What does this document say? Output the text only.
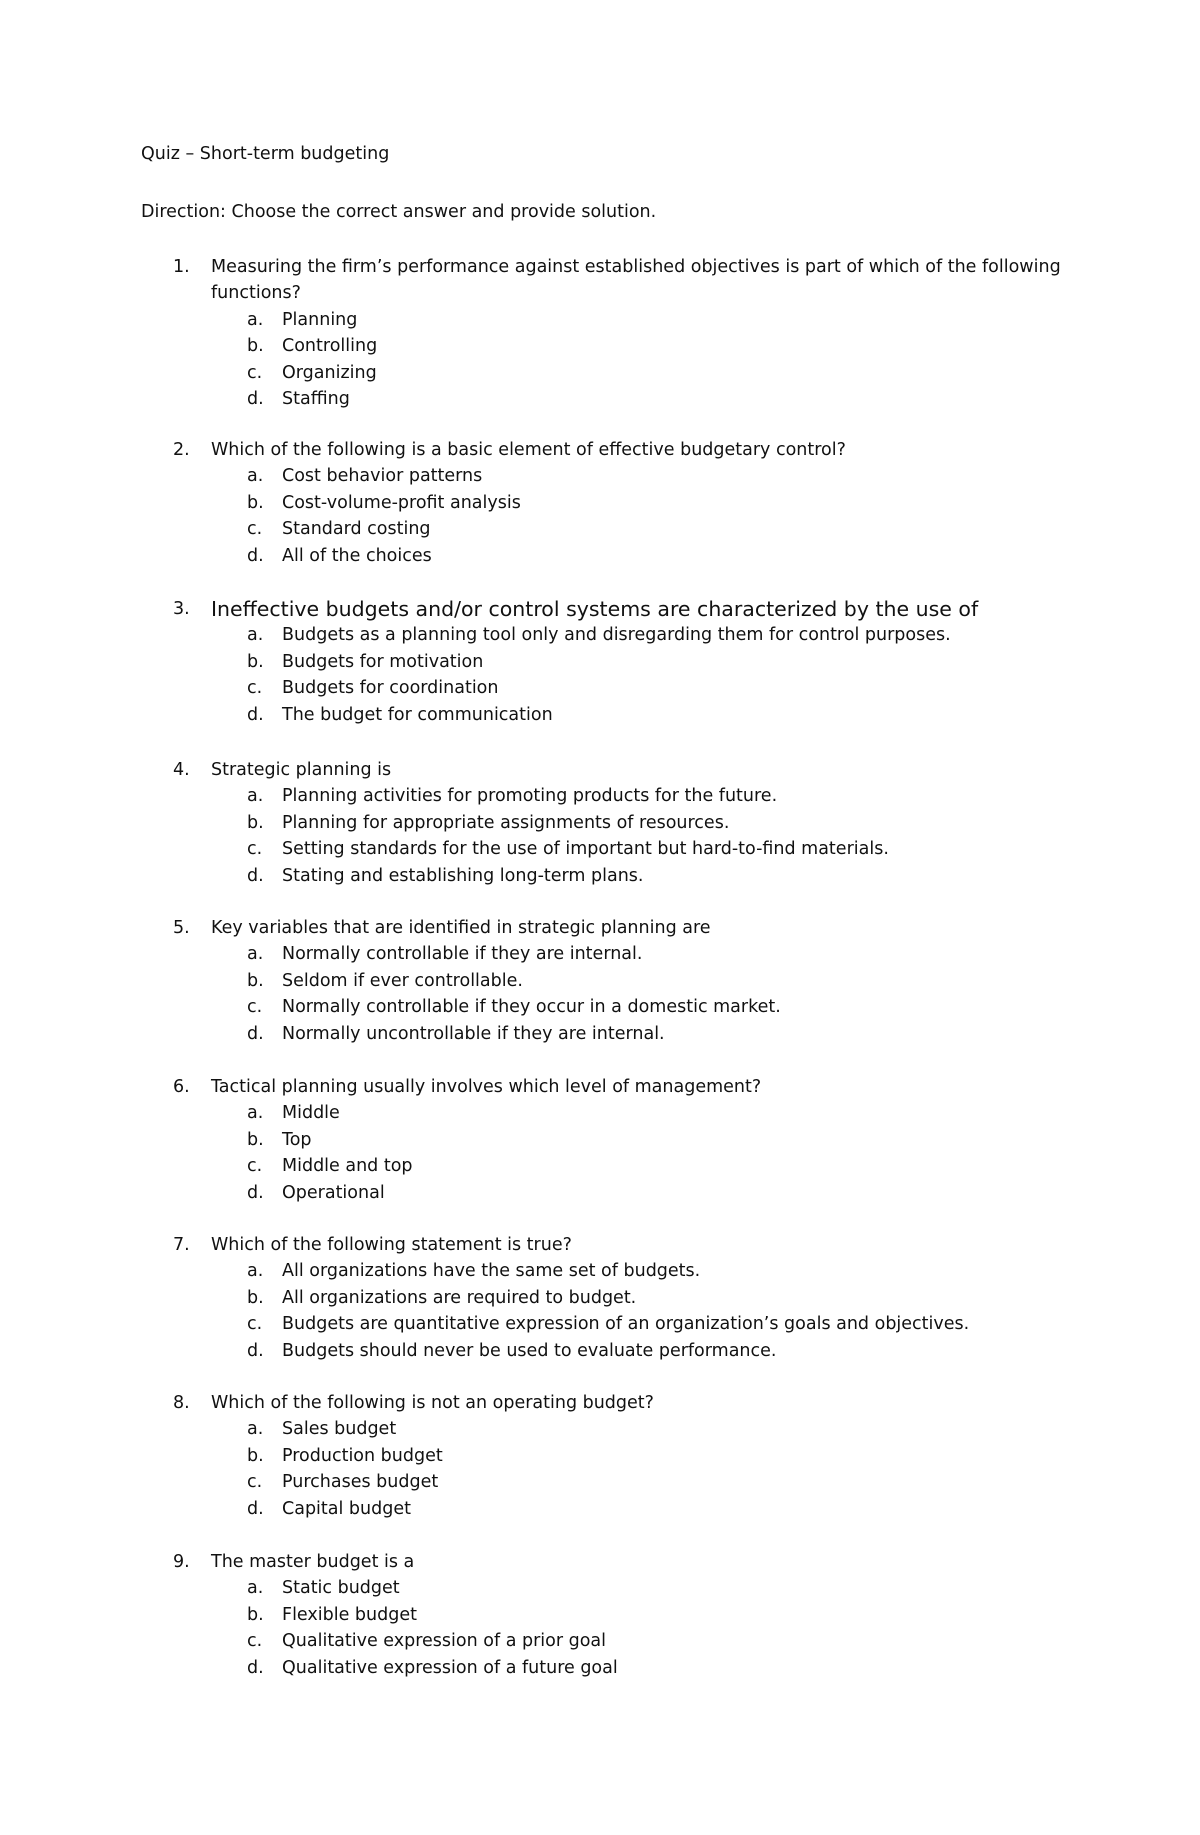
Quiz – Short-term budgeting
Direction: Choose the correct answer and provide solution.
1. Measuring the firm’s performance against established objectives is part of which of the following
functions?
a. Planning
b. Controlling
c. Organizing
d. Staffing
2. Which of the following is a basic element of effective budgetary control?
a. Cost behavior patterns
b. Cost-volume-profit analysis
c. Standard costing
d. All of the choices
3. Ineffective budgets and/or control systems are characterized by the use of
a. Budgets as a planning tool only and disregarding them for control purposes.
b. Budgets for motivation
c. Budgets for coordination
d. The budget for communication
4. Strategic planning is
a. Planning activities for promoting products for the future.
b. Planning for appropriate assignments of resources.
c. Setting standards for the use of important but hard-to-find materials.
d. Stating and establishing long-term plans.
5. Key variables that are identified in strategic planning are
a. Normally controllable if they are internal.
b. Seldom if ever controllable.
c. Normally controllable if they occur in a domestic market.
d. Normally uncontrollable if they are internal.
6. Tactical planning usually involves which level of management?
a. Middle
b. Top
c. Middle and top
d. Operational
7. Which of the following statement is true?
a. All organizations have the same set of budgets.
b. All organizations are required to budget.
c. Budgets are quantitative expression of an organization’s goals and objectives.
d. Budgets should never be used to evaluate performance.
8. Which of the following is not an operating budget?
a. Sales budget
b. Production budget
c. Purchases budget
d. Capital budget
9. The master budget is a
a. Static budget
b. Flexible budget
c. Qualitative expression of a prior goal
d. Qualitative expression of a future goal
